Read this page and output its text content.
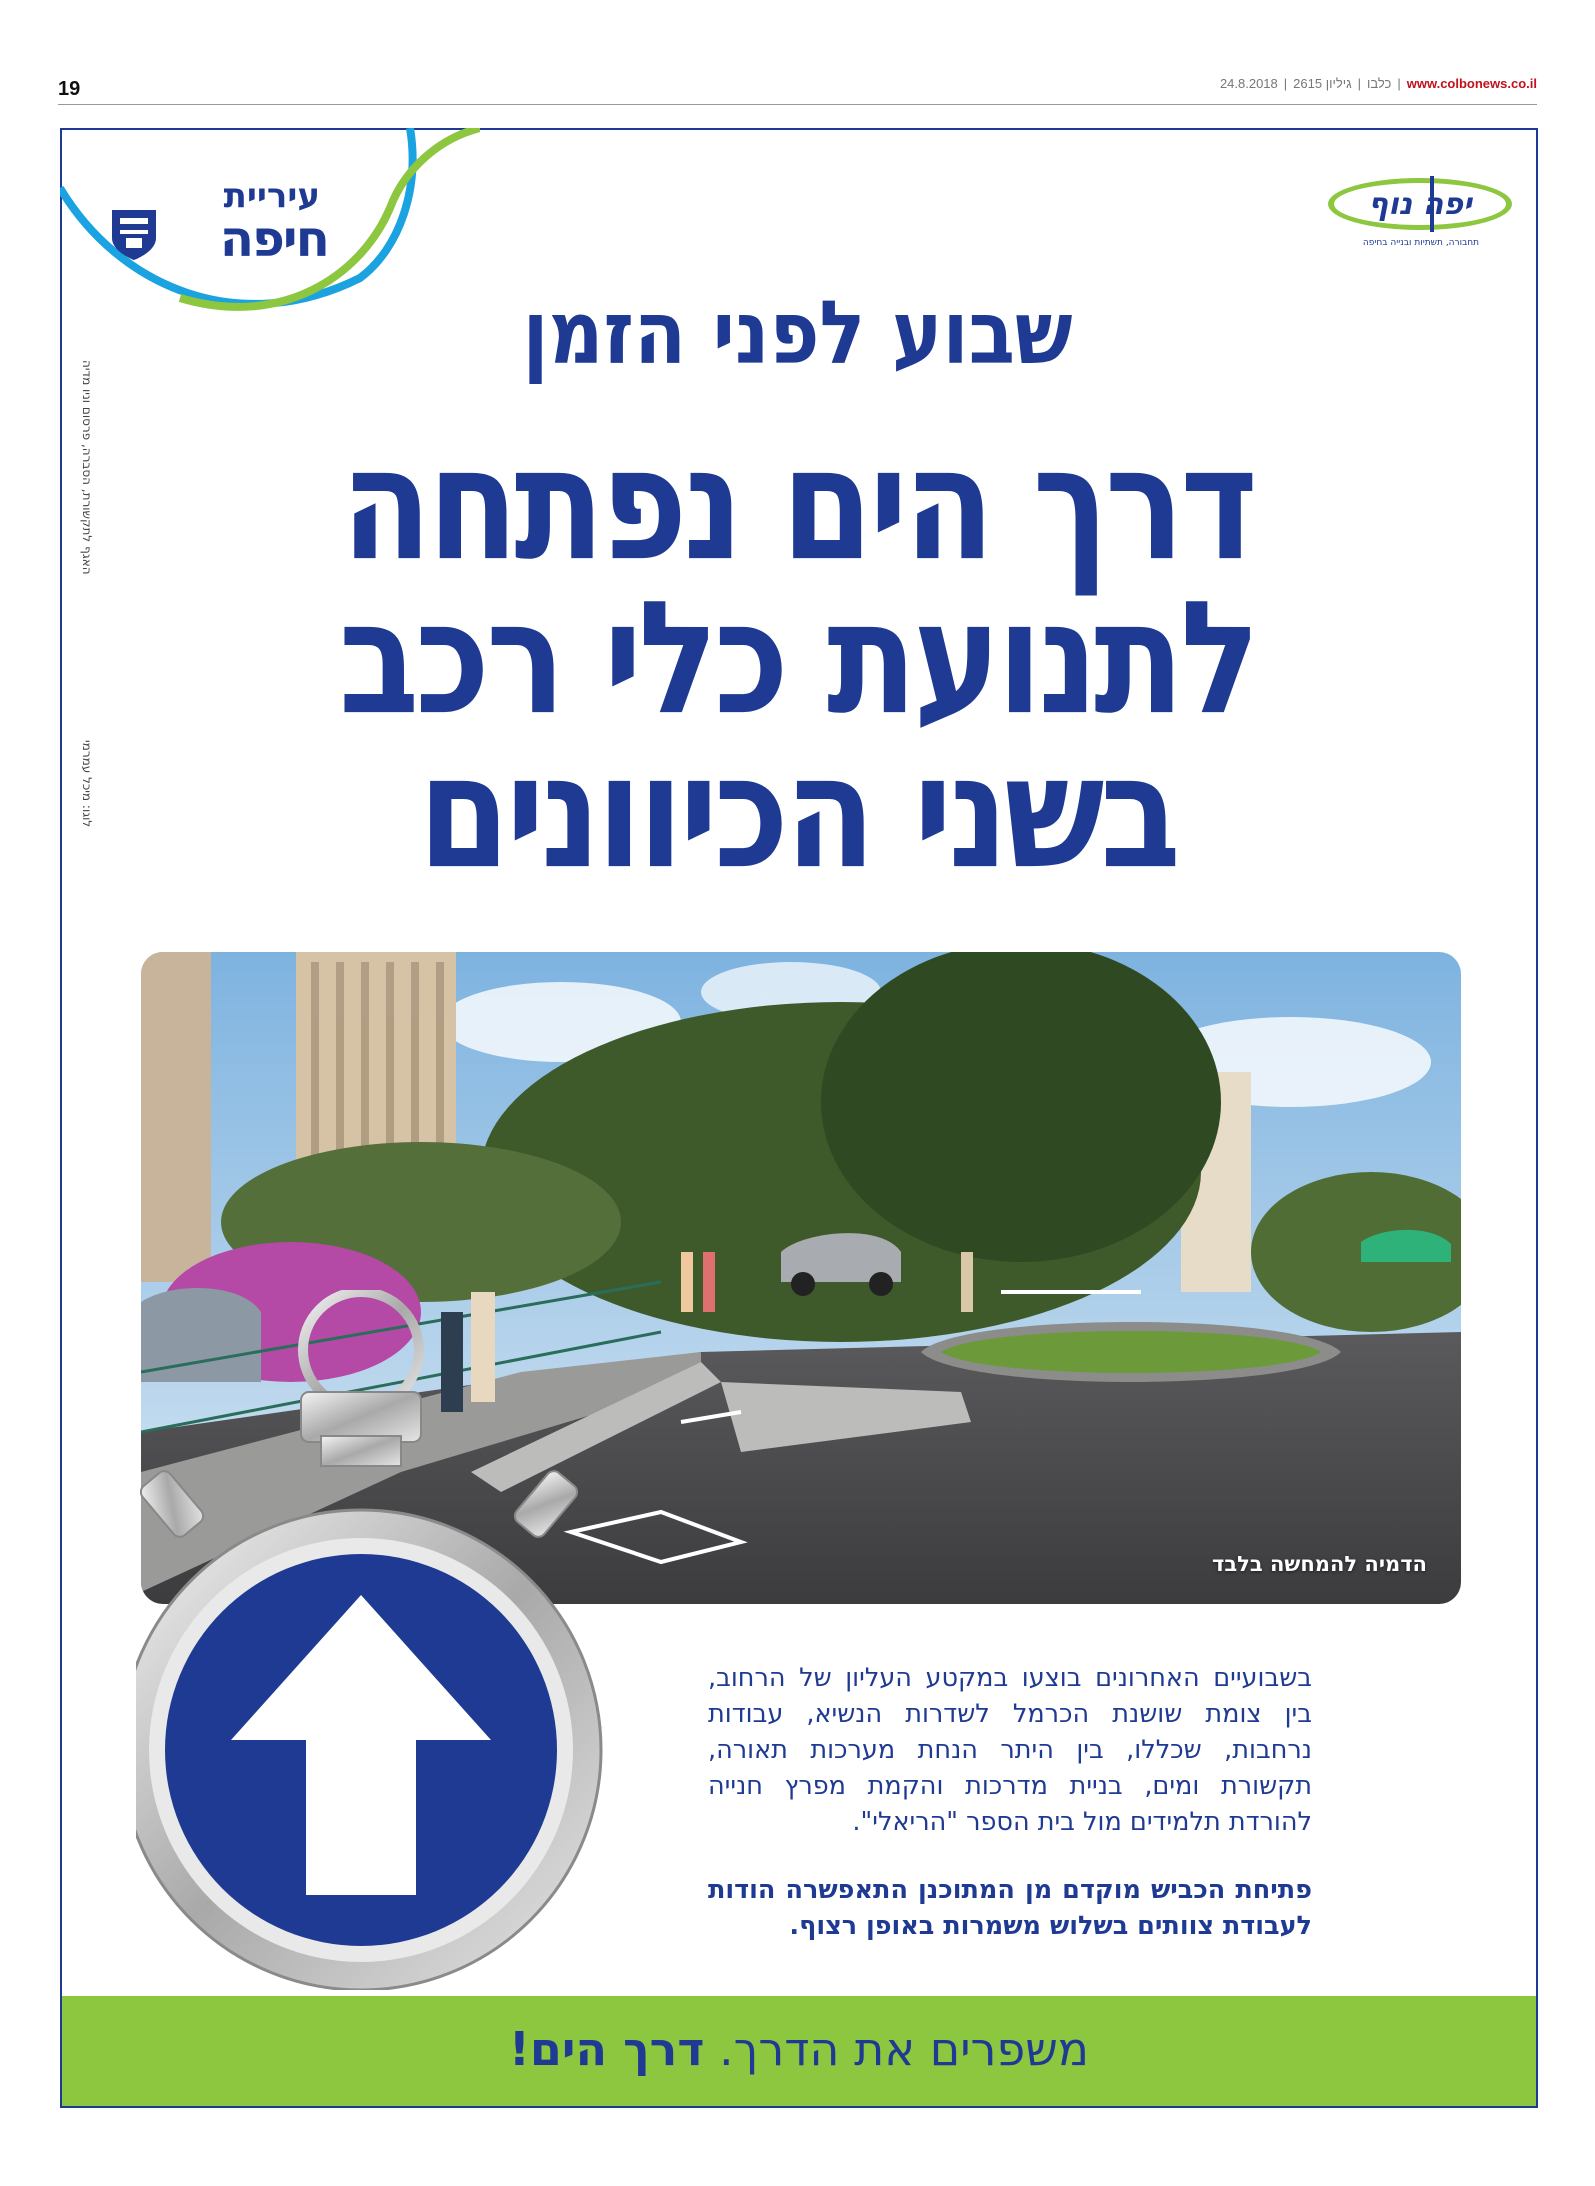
19	www.colbonews.co.il
|
כלבו
|
גיליון 2615
|
24.8.2018
עיריית
חיפה
יפה נוף
תחבורה, תשתיות ובנייה בחיפה
האגף לתקשורת, הסברה, פרסום וניו מדיה
לוגו: מיכל עמרמי
שבוע לפני הזמן
דרך הים נפתחה
לתנועת כלי רכב
בשני הכיוונים
הדמיה להמחשה בלבד

בשבועיים האחרונים בוצעו במקטע העליון של הרחוב, בין צומת שושנת הכרמל לשדרות הנשיא, עבודות נרחבות, שכללו, בין היתר הנחת מערכות תאורה, תקשורת ומים, בניית מדרכות והקמת מפרץ חנייה להורדת תלמידים מול בית הספר "הריאלי".

פתיחת הכביש מוקדם מן המתוכנן התאפשרה הודות לעבודת צוותים בשלוש משמרות באופן רצוף.

משפרים את הדרך. דרך הים!
